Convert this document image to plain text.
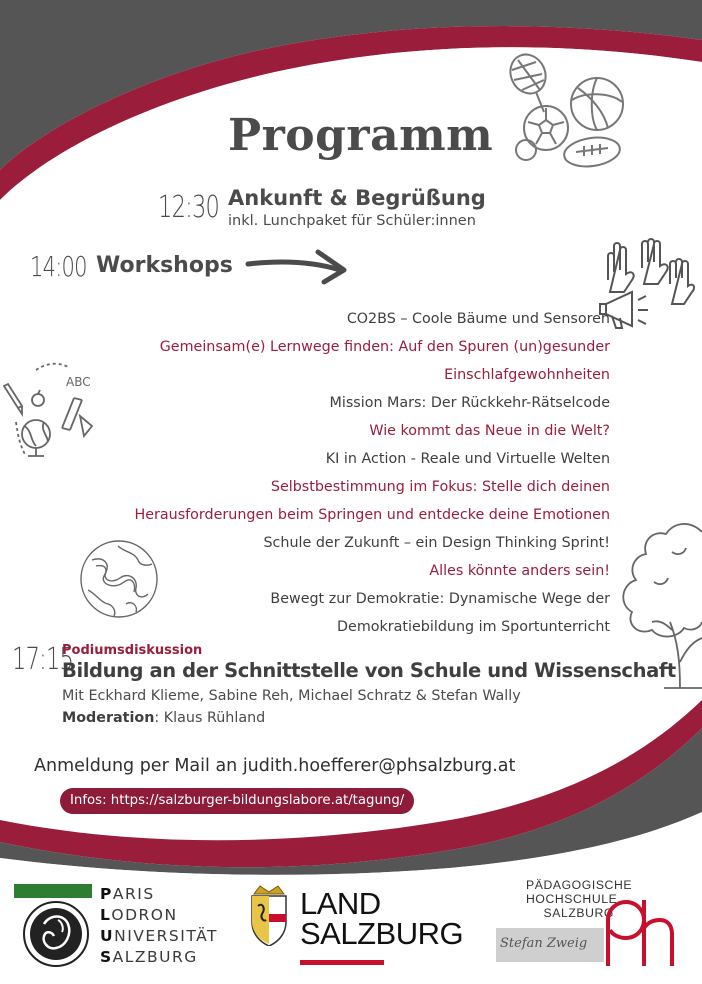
ABC
Programm
12:30 Ankunft & Begrüßung
inkl. Lunchpaket für Schüler:innen
14:00 Workshops
CO2BS – Coole Bäume und Sensoren
Gemeinsam(e) Lernwege finden: Auf den Spuren (un)gesunder
Einschlafgewohnheiten
Mission Mars: Der Rückkehr-Rätselcode
Wie kommt das Neue in die Welt?
KI in Action - Reale und Virtuelle Welten
Selbstbestimmung im Fokus: Stelle dich deinen
Herausforderungen beim Springen und entdecke deine Emotionen
Schule der Zukunft – ein Design Thinking Sprint!
Alles könnte anders sein!
Bewegt zur Demokratie: Dynamische Wege der
Demokratiebildung im Sportunterricht
17:15
Podiumsdiskussion
Bildung an der Schnittstelle von Schule und Wissenschaft
Mit Eckhard Klieme, Sabine Reh, Michael Schratz & Stefan Wally
Moderation: Klaus Rühland
Anmeldung per Mail an judith.hoefferer@phsalzburg.at
Infos: https://salzburger-bildungslabore.at/tagung/
PARIS
LODRON
UNIVERSITÄT
SALZBURG
LAND
SALZBURG
PÄDAGOGISCHE
HOCHSCHULE
SALZBURG
Stefan Zweig
